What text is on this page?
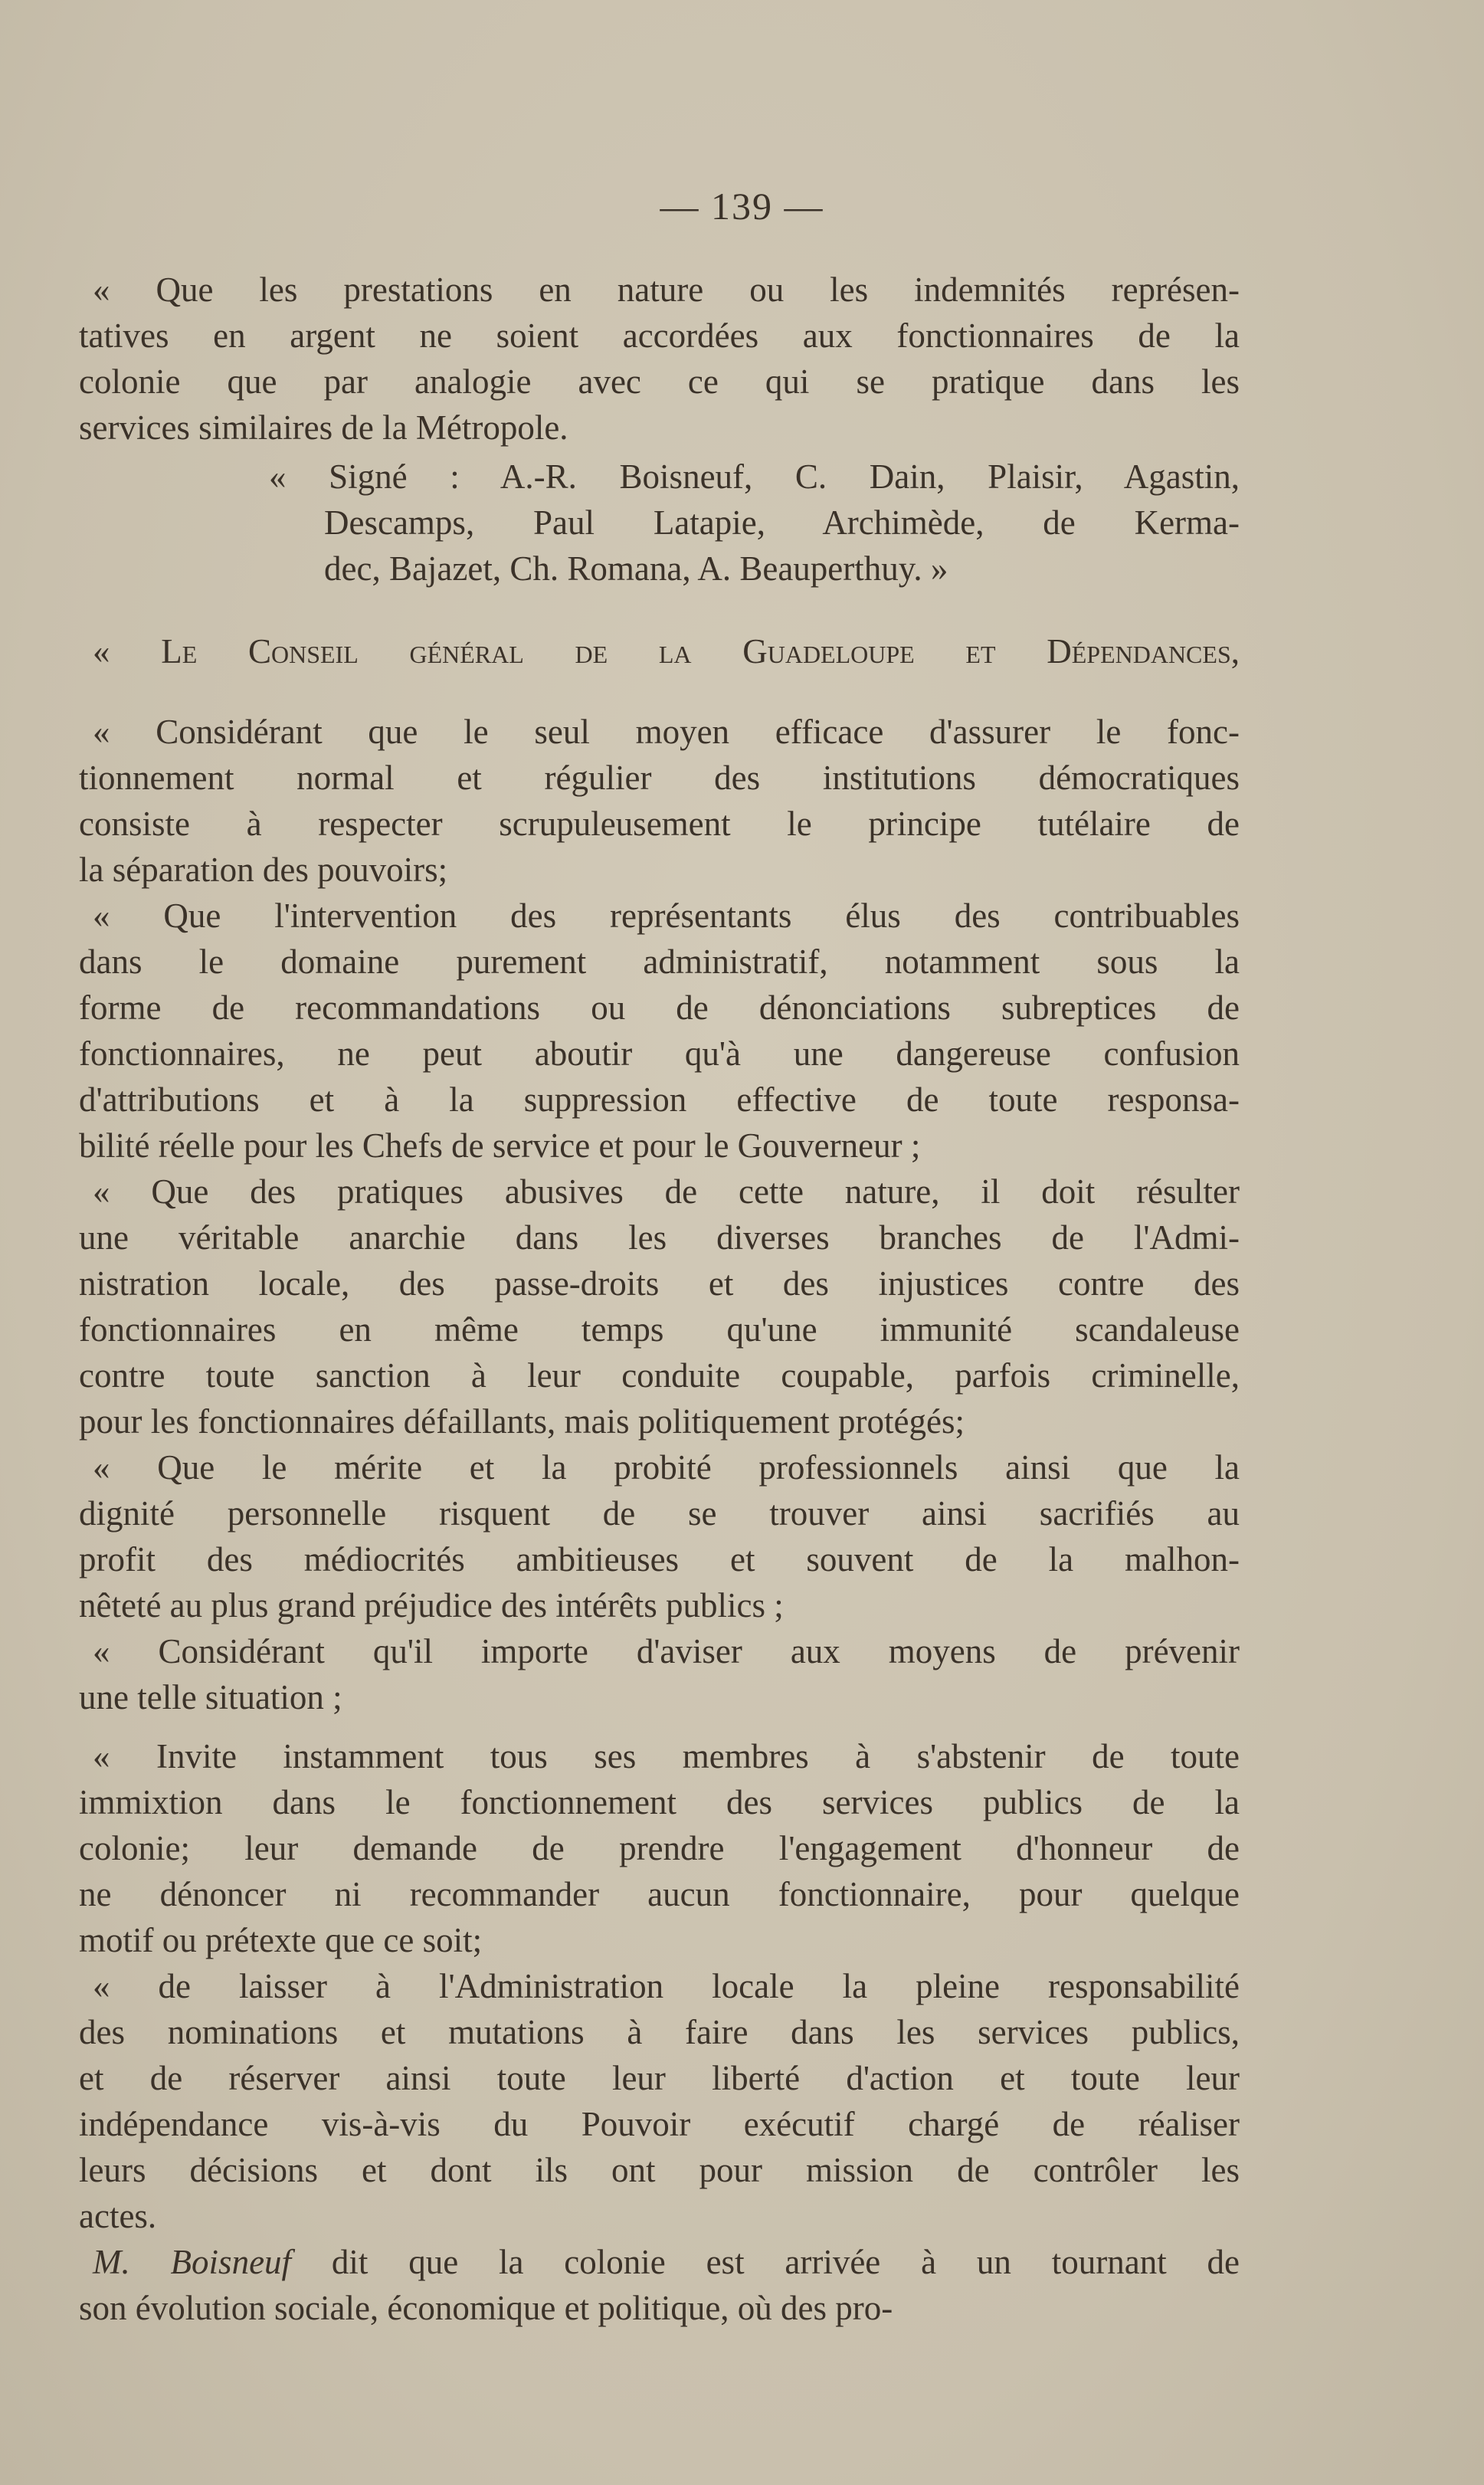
— 139 —
« Que les prestations en nature ou les indemnités représen-
tatives en argent ne soient accordées aux fonctionnaires de la
colonie que par analogie avec ce qui se pratique dans les
services similaires de la Métropole.
« Signé : A.-R. Boisneuf, C. Dain, Plaisir, Agastin,
Descamps, Paul Latapie, Archimède, de Kerma-
dec, Bajazet, Ch. Romana, A. Beauperthuy. »
« Le Conseil général de la Guadeloupe et Dépendances,
« Considérant que le seul moyen efficace d'assurer le fonc-
tionnement normal et régulier des institutions démocratiques
consiste à respecter scrupuleusement le principe tutélaire de
la séparation des pouvoirs;
« Que l'intervention des représentants élus des contribuables
dans le domaine purement administratif, notamment sous la
forme de recommandations ou de dénonciations subreptices de
fonctionnaires, ne peut aboutir qu'à une dangereuse confusion
d'attributions et à la suppression effective de toute responsa-
bilité réelle pour les Chefs de service et pour le Gouverneur ;
« Que des pratiques abusives de cette nature, il doit résulter
une véritable anarchie dans les diverses branches de l'Admi-
nistration locale, des passe-droits et des injustices contre des
fonctionnaires en même temps qu'une immunité scandaleuse
contre toute sanction à leur conduite coupable, parfois criminelle,
pour les fonctionnaires défaillants, mais politiquement protégés;
« Que le mérite et la probité professionnels ainsi que la
dignité personnelle risquent de se trouver ainsi sacrifiés au
profit des médiocrités ambitieuses et souvent de la malhon-
nêteté au plus grand préjudice des intérêts publics ;
« Considérant qu'il importe d'aviser aux moyens de prévenir
une telle situation ;
« Invite instamment tous ses membres à s'abstenir de toute
immixtion dans le fonctionnement des services publics de la
colonie; leur demande de prendre l'engagement d'honneur de
ne dénoncer ni recommander aucun fonctionnaire, pour quelque
motif ou prétexte que ce soit;
« de laisser à l'Administration locale la pleine responsabilité
des nominations et mutations à faire dans les services publics,
et de réserver ainsi toute leur liberté d'action et toute leur
indépendance vis-à-vis du Pouvoir exécutif chargé de réaliser
leurs décisions et dont ils ont pour mission de contrôler les
actes.
M. Boisneuf dit que la colonie est arrivée à un tournant de
son évolution sociale, économique et politique, où des pro-
